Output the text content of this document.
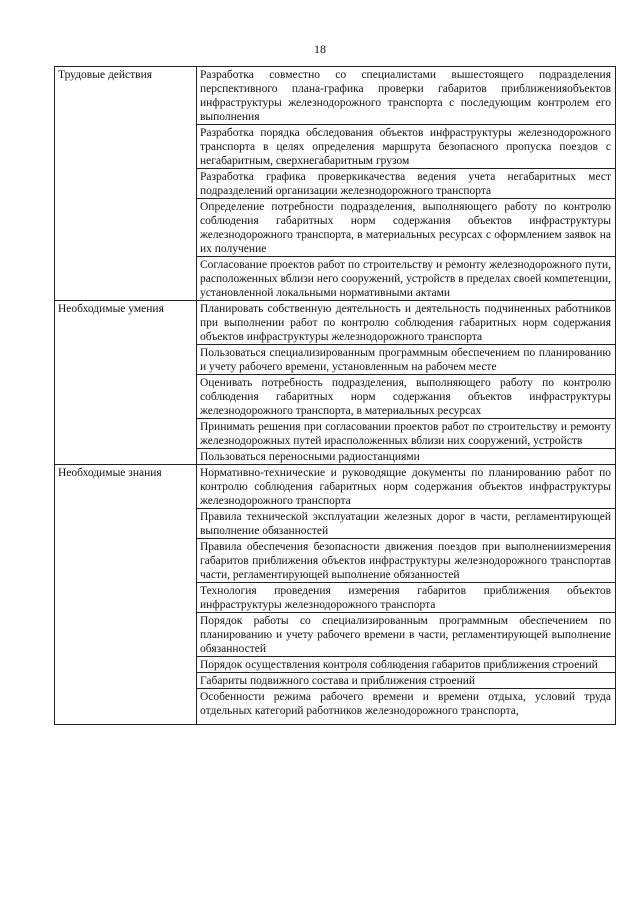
18
Трудовые действия	Разработка совместно со специалистами вышестоящего подразделения перспективного плана-графика проверки габаритов приближенияобъектов инфраструктуры железнодорожного транспорта с последующим контролем его выполнения
	Разработка порядка обследования объектов инфраструктуры железнодорожного транспорта в целях определения маршрута безопасного пропуска поездов с негабаритным, сверхнегабаритным грузом
	Разработка графика проверкикачества ведения учета негабаритных мест подразделений организации железнодорожного транспорта
	Определение потребности подразделения, выполняющего работу по контролю соблюдения габаритных норм содержания объектов инфраструктуры железнодорожного транспорта, в материальных ресурсах с оформлением заявок на их получение
	Согласование проектов работ по строительству и ремонту железнодорожного пути, расположенных вблизи него сооружений, устройств в пределах своей компетенции, установленной локальными нормативными актами
Необходимые умения	Планировать собственную деятельность и деятельность подчиненных работников при выполнении работ по контролю соблюдения габаритных норм содержания объектов инфраструктуры железнодорожного транспорта
	Пользоваться специализированным программным обеспечением по планированию и учету рабочего времени, установленным на рабочем месте
	Оценивать потребность подразделения, выполняющего работу по контролю соблюдения габаритных норм содержания объектов инфраструктуры железнодорожного транспорта, в материальных ресурсах
	Принимать решения при согласовании проектов работ по строительству и ремонту железнодорожных путей ирасположенных вблизи них сооружений, устройств
	Пользоваться переносными радиостанциями
Необходимые знания	Нормативно-технические и руководящие документы по планированию работ по контролю соблюдения габаритных норм содержания объектов инфраструктуры железнодорожного транспорта
	Правила технической эксплуатации железных дорог в части, регламентирующей выполнение обязанностей
	Правила обеспечения безопасности движения поездов при выполнениизмерения габаритов приближения объектов инфраструктуры железнодорожного транспортав части, регламентирующей выполнение обязанностей
	Технология проведения измерения габаритов приближения объектов инфраструктуры железнодорожного транспорта
	Порядок работы со специализированным программным обеспечением по планированию и учету рабочего времени в части, регламентирующей выполнение обязанностей
	Порядок осуществления контроля соблюдения габаритов приближения строений
	Габариты подвижного состава и приближения строений

	Особенности режима рабочего времени и времени отдыха, условий труда отдельных категорий работников железнодорожного транспорта,
